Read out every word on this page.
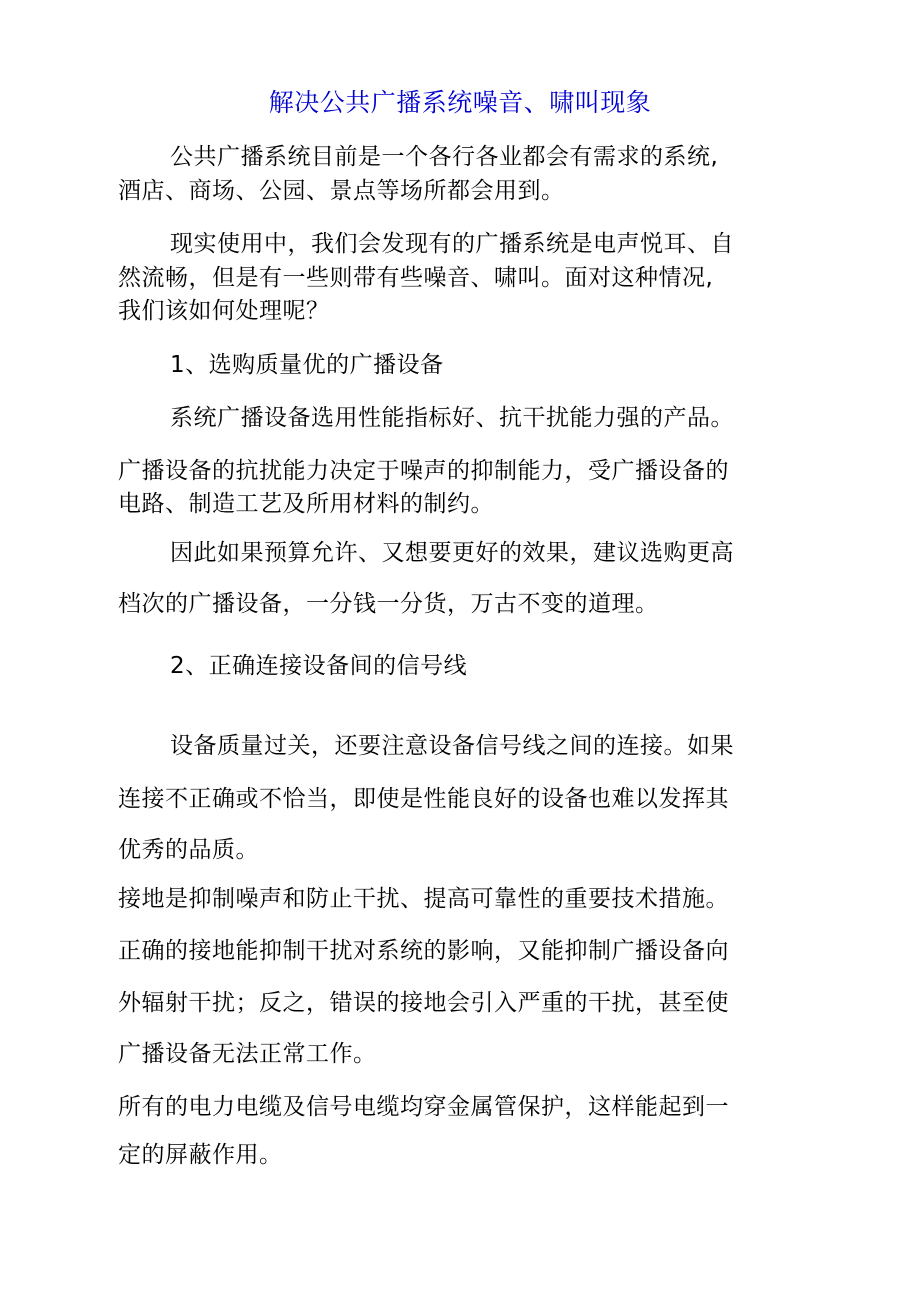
解决公共广播系统噪音、啸叫现象
公共广播系统目前是一个各行各业都会有需求的系统,
酒店、商场、公园、景点等场所都会用到。
现实使用中，我们会发现有的广播系统是电声悦耳、自
然流畅，但是有一些则带有些噪音、啸叫。面对这种情况,
我们该如何处理呢？
1、选购质量优的广播设备
系统广播设备选用性能指标好、抗干扰能力强的产品。
广播设备的抗扰能力决定于噪声的抑制能力，受广播设备的
电路、制造工艺及所用材料的制约。
因此如果预算允许、又想要更好的效果，建议选购更高
档次的广播设备，一分钱一分货，万古不变的道理。
2、正确连接设备间的信号线
设备质量过关，还要注意设备信号线之间的连接。如果
连接不正确或不恰当，即使是性能良好的设备也难以发挥其
优秀的品质。
接地是抑制噪声和防止干扰、提高可靠性的重要技术措施。
正确的接地能抑制干扰对系统的影响，又能抑制广播设备向
外辐射干扰；反之，错误的接地会引入严重的干扰，甚至使
广播设备无法正常工作。
所有的电力电缆及信号电缆均穿金属管保护，这样能起到一
定的屏蔽作用。
